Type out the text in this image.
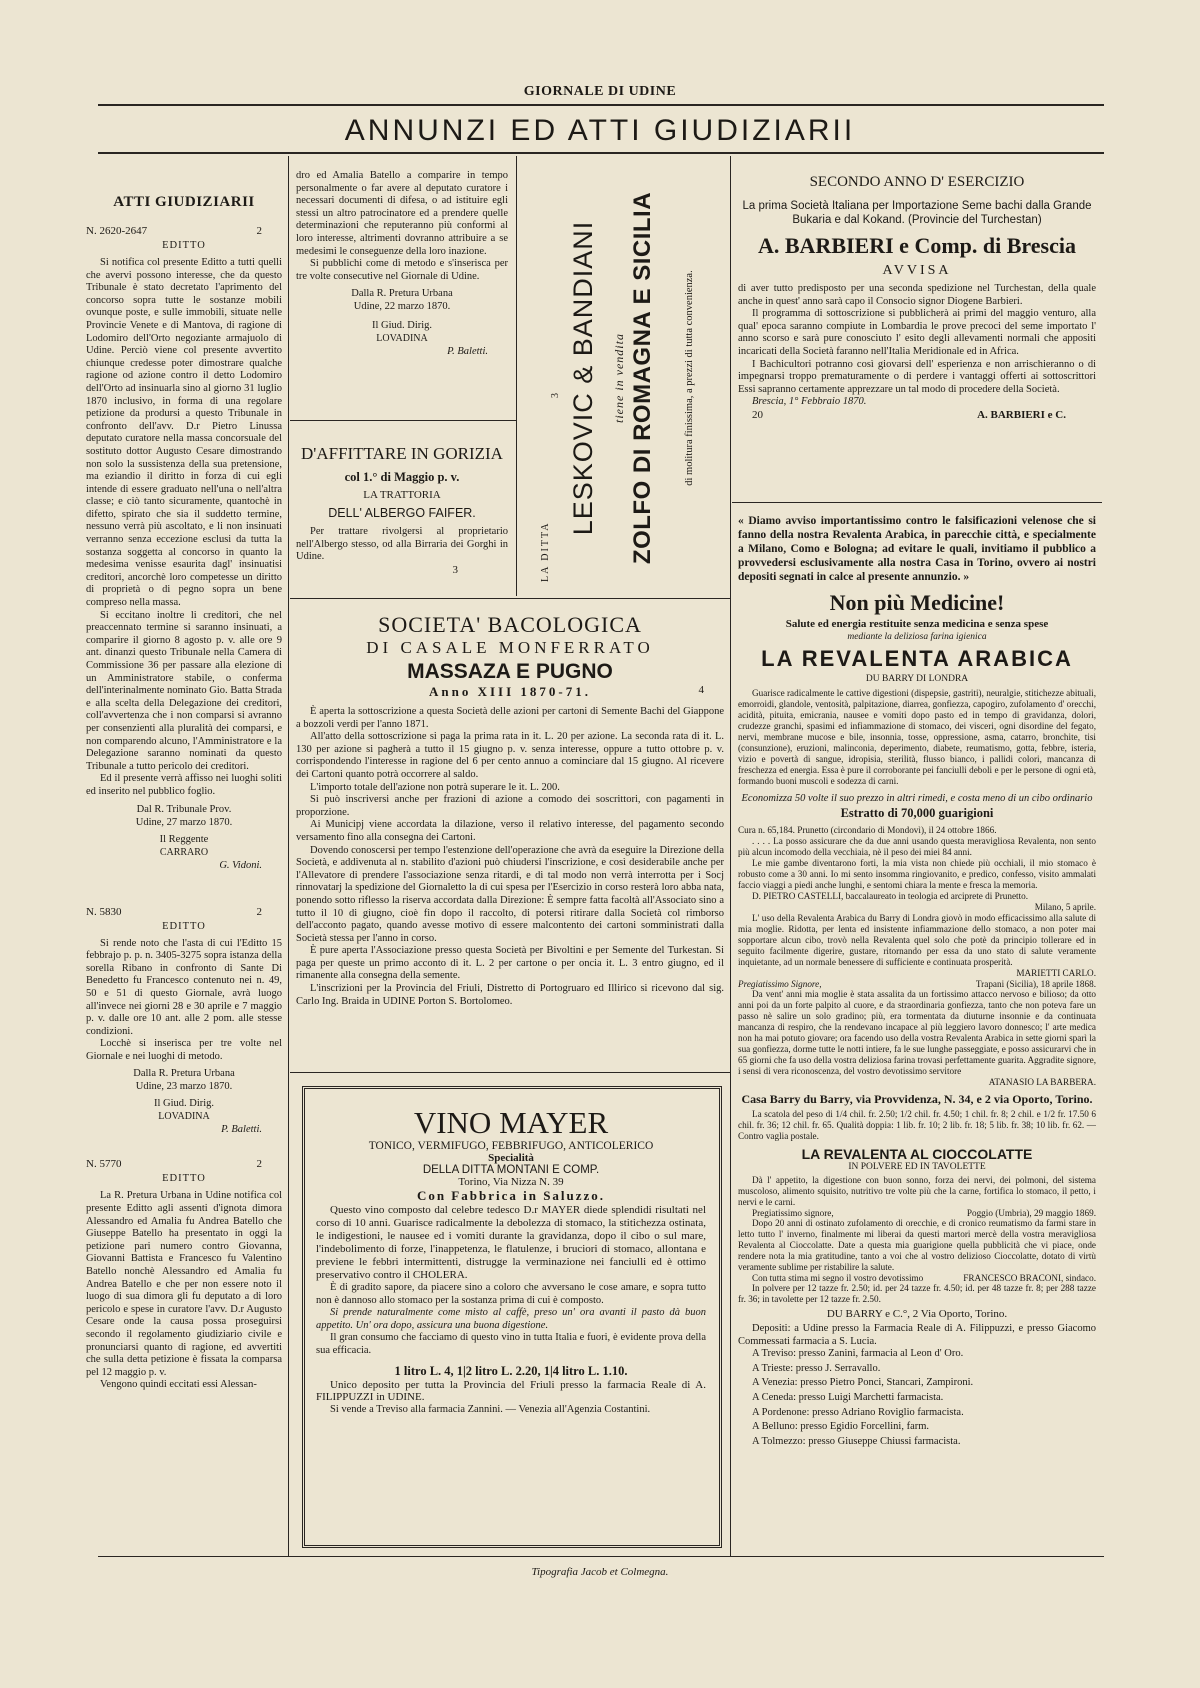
GIORNALE DI UDINE
ANNUNZI ED ATTI GIUDIZIARII
ATTI GIUDIZIARII
N. 2620-2647	2
EDITTO

Si notifica col presente Editto a tutti quelli che avervi possono interesse, che da questo Tribunale è stato decretato l'aprimento del concorso sopra tutte le sostanze mobili ovunque poste, e sulle immobili, situate nelle Provincie Venete e di Mantova, di ragione di Lodomiro dell'Orto negoziante armajuolo di Udine. Perciò viene col presente avvertito chiunque credesse poter dimostrare qualche ragione od azione contro il detto Lodomiro dell'Orto ad insinuarla sino al giorno 31 luglio 1870 inclusivo, in forma di una regolare petizione da prodursi a questo Tribunale in confronto dell'avv. D.r Pietro Linussa deputato curatore nella massa concorsuale del sostituto dottor Augusto Cesare dimostrando non solo la sussistenza della sua pretensione, ma eziandio il diritto in forza di cui egli intende di essere graduato nell'una o nell'altra classe; e ciò tanto sicuramente, quantochè in difetto, spirato che sia il suddetto termine, nessuno verrà più ascoltato, e li non insinuati verranno senza eccezione esclusi da tutta la sostanza soggetta al concorso in quanto la medesima venisse esaurita dagl' insinuatisi creditori, ancorchè loro competesse un diritto di proprietà o di pegno sopra un bene compreso nella massa.

Si eccitano inoltre li creditori, che nel preaccennato termine si saranno insinuati, a comparire il giorno 8 agosto p. v. alle ore 9 ant. dinanzi questo Tribunale nella Camera di Commissione 36 per passare alla elezione di un Amministratore stabile, o conferma dell'interinalmente nominato Gio. Batta Strada e alla scelta della Delegazione dei creditori, coll'avvertenza che i non comparsi si avranno per consenzienti alla pluralità dei comparsi, e non comparendo alcuno, l'Amministratore e la Delegazione saranno nominati da questo Tribunale a tutto pericolo dei creditori.

Ed il presente verrà affisso nei luoghi soliti ed inserito nel pubblico foglio.

Dal R. Tribunale Prov.
Udine, 27 marzo 1870.
Il Reggente
CARRARO
G. Vidoni.
N. 5830	2
EDITTO

Si rende noto che l'asta di cui l'Editto 15 febbrajo p. p. n. 3405-3275 sopra istanza della sorella Ribano in confronto di Sante Di Benedetto fu Francesco contenuto nei n. 49, 50 e 51 di questo Giornale, avrà luogo all'invece nei giorni 28 e 30 aprile e 7 maggio p. v. dalle ore 10 ant. alle 2 pom. alle stesse condizioni.

Locchè si inserisca per tre volte nel Giornale e nei luoghi di metodo.

Dalla R. Pretura Urbana
Udine, 23 marzo 1870.
Il Giud. Dirig.
LOVADINA
P. Baletti.
N. 5770	2
EDITTO

La R. Pretura Urbana in Udine notifica col presente Editto agli assenti d'ignota dimora Alessandro ed Amalia fu Andrea Batello che Giuseppe Batello ha presentato in oggi la petizione pari numero contro Giovanna, Giovanni Battista e Francesco fu Valentino Batello nonchè Alessandro ed Amalia fu Andrea Batello e che per non essere noto il luogo di sua dimora gli fu deputato a di loro pericolo e spese in curatore l'avv. D.r Augusto Cesare onde la causa possa proseguirsi secondo il regolamento giudiziario civile e pronunciarsi quanto di ragione, ed avvertiti che sulla detta petizione è fissata la comparsa pel 12 maggio p. v.

Vengono quindi eccitati essi Alessan-

dro ed Amalia Batello a comparire in tempo personalmente o far avere al deputato curatore i necessari documenti di difesa, o ad istituire egli stessi un altro patrocinatore ed a prendere quelle determinazioni che reputeranno più conformi al loro interesse, altrimenti dovranno attribuire a se medesimi le conseguenze della loro inazione.

Si pubblichi come di metodo e s'inserisca per tre volte consecutive nel Giornale di Udine.

Dalla R. Pretura Urbana
Udine, 22 marzo 1870.
Il Giud. Dirig.
LOVADINA
P. Baletti.
D'AFFITTARE IN GORIZIA
col 1.° di Maggio p. v.
LA TRATTORIA
DELL' ALBERGO FAIFER.

Per trattare rivolgersi al proprietario nell'Albergo stesso, od alla Birraria dei Gorghi in Udine.

3	LA DITTA
3 LESKOVIC & BANDIANI	tiene in vendita ZOLFO DI ROMAGNA E SICILIA	di molitura finissima, a prezzi di tutta convenienza.
SOCIETA' BACOLOGICA
DI CASALE MONFERRATO
MASSAZA E PUGNO
Anno XIII 1870-71.	4

È aperta la sottoscrizione a questa Società delle azioni per cartoni di Semente Bachi del Giappone a bozzoli verdi per l'anno 1871.

All'atto della sottoscrizione si paga la prima rata in it. L. 20 per azione. La seconda rata di it. L. 130 per azione si pagherà a tutto il 15 giugno p. v. senza interesse, oppure a tutto ottobre p. v. corrispondendo l'interesse in ragione del 6 per cento annuo a cominciare dal 15 giugno. Al ricevere dei Cartoni quanto potrà occorrere al saldo.

L'importo totale dell'azione non potrà superare le it. L. 200.

Si può inscriversi anche per frazioni di azione a comodo dei soscrittori, con pagamenti in proporzione.

Ai Municipj viene accordata la dilazione, verso il relativo interesse, del pagamento secondo versamento fino alla consegna dei Cartoni.

Dovendo conoscersi per tempo l'estenzione dell'operazione che avrà da eseguire la Direzione della Società, e addivenuta al n. stabilito d'azioni può chiudersi l'inscrizione, e così desiderabile anche per l'Allevatore di prendere l'associazione senza ritardi, e di tal modo non verrà interrotta per i Socj rinnovatarj la spedizione del Giornaletto la di cui spesa per l'Esercizio in corso resterà loro abba nata, ponendo sotto riflesso la riserva accordata dalla Direzione: È sempre fatta facoltà all'Associato sino a tutto il 10 di giugno, cioè fin dopo il raccolto, di potersi ritirare dalla Società col rimborso dell'acconto pagato, quando avesse motivo di essere malcontento dei cartoni somministrati dalla Società stessa per l'anno in corso.

È pure aperta l'Associazione presso questa Società per Bivoltini e per Semente del Turkestan. Si paga per queste un primo acconto di it. L. 2 per cartone o per oncia it. L. 3 entro giugno, ed il rimanente alla consegna della semente.

L'inscrizioni per la Provincia del Friuli, Distretto di Portogruaro ed Illirico si ricevono dal sig. Carlo Ing. Braida in UDINE Porton S. Bortolomeo.

VINO MAYER
TONICO, VERMIFUGO, FEBBRIFUGO, ANTICOLERICO
Specialità
DELLA DITTA MONTANI E COMP.
Torino, Via Nizza N. 39
Con Fabbrica in Saluzzo.

Questo vino composto dal celebre tedesco D.r MAYER diede splendidi risultati nel corso di 10 anni. Guarisce radicalmente la debolezza di stomaco, la stitichezza ostinata, le indigestioni, le nausee ed i vomiti durante la gravidanza, dopo il cibo o sul mare, l'indebolimento di forze, l'inappetenza, le flatulenze, i bruciori di stomaco, allontana e previene le febbri intermittenti, distrugge la verminazione nei fanciulli ed è ottimo preservativo contro il CHOLERA.

È di gradito sapore, da piacere sino a coloro che avversano le cose amare, e sopra tutto non è dannoso allo stomaco per la sostanza prima di cui è composto.

Si prende naturalmente come misto al caffè, preso un' ora avanti il pasto dà buon appetito. Un' ora dopo, assicura una buona digestione.

Il gran consumo che facciamo di questo vino in tutta Italia e fuori, è evidente prova della sua efficacia.

1 litro L. 4, 1|2 litro L. 2.20, 1|4 litro L. 1.10.

Unico deposito per tutta la Provincia del Friuli presso la farmacia Reale di A. FILIPPUZZI in UDINE.

Si vende a Treviso alla farmacia Zannini. — Venezia all'Agenzia Costantini.

SECONDO ANNO D' ESERCIZIO

La prima Società Italiana per Importazione Seme bachi dalla Grande Bukaria e dal Kokand. (Provincie del Turchestan)

A. BARBIERI e Comp. di Brescia
AVVISA

di aver tutto predisposto per una seconda spedizione nel Turchestan, della quale anche in quest' anno sarà capo il Consocio signor Diogene Barbieri.

Il programma di sottoscrizione si pubblicherà ai primi del maggio venturo, alla qual' epoca saranno compiute in Lombardia le prove precoci del seme importato l' anno scorso e sarà pure conosciuto l' esito degli allevamenti normali che appositi incaricati della Società faranno nell'Italia Meridionale ed in Africa.

I Bachicultori potranno così giovarsi dell' esperienza e non arrischieranno o di impegnarsi troppo prematuramente o di perdere i vantaggi offerti ai sottoscrittori Essi sapranno certamente apprezzare un tal modo di procedere della Società.

Brescia, 1° Febbraio 1870.
20	A. BARBIERI e C.

« Diamo avviso importantissimo contro le falsificazioni velenose che si fanno della nostra Revalenta Arabica, in parecchie città, e specialmente a Milano, Como e Bologna; ad evitare le quali, invitiamo il pubblico a provvedersi esclusivamente alla nostra Casa in Torino, ovvero ai nostri depositi segnati in calce al presente annunzio. »

Non più Medicine!
Salute ed energia restituite senza medicina e senza spese
mediante la deliziosa farina igienica
LA REVALENTA ARABICA
DU BARRY DI LONDRA

Guarisce radicalmente le cattive digestioni (dispepsie, gastriti), neuralgie, stitichezze abituali, emorroidi, glandole, ventosità, palpitazione, diarrea, gonfiezza, capogiro, zufolamento d' orecchi, acidità, pituita, emicrania, nausee e vomiti dopo pasto ed in tempo di gravidanza, dolori, crudezze granchi, spasimi ed infiammazione di stomaco, dei visceri, ogni disordine del fegato, nervi, membrane mucose e bile, insonnia, tosse, oppressione, asma, catarro, bronchite, tisi (consunzione), eruzioni, malinconia, deperimento, diabete, reumatismo, gotta, febbre, isteria, vizio e povertà di sangue, idropisia, sterilità, flusso bianco, i pallidi colori, mancanza di freschezza ed energia. Essa è pure il corroborante pei fanciulli deboli e per le persone di ogni età, formando buoni muscoli e sodezza di carni.

Economizza 50 volte il suo prezzo in altri rimedi, e costa meno di un cibo ordinario
Estratto di 70,000 guarigioni
Cura n. 65,184. Prunetto (circondario di Mondovì), il 24 ottobre 1866.

. . . . La posso assicurare che da due anni usando questa meravigliosa Revalenta, non sento più alcun incomodo della vecchiaia, nè il peso dei miei 84 anni.

Le mie gambe diventarono forti, la mia vista non chiede più occhiali, il mio stomaco è robusto come a 30 anni. Io mi sento insomma ringiovanito, e predico, confesso, visito ammalati faccio viaggi a piedi anche lunghi, e sentomi chiara la mente e fresca la memoria.

D. PIETRO CASTELLI, baccalaureato in teologia ed arciprete di Prunetto.

Milano, 5 aprile.

L' uso della Revalenta Arabica du Barry di Londra giovò in modo efficacissimo alla salute di mia moglie. Ridotta, per lenta ed insistente infiammazione dello stomaco, a non poter mai sopportare alcun cibo, trovò nella Revalenta quel solo che potè da principio tollerare ed in seguito facilmente digerire, gustare, ritornando per essa da uno stato di salute veramente inquietante, ad un normale benessere di sufficiente e continuata prosperità.

MARIETTI CARLO.
Pregiatissimo Signore,	Trapani (Sicilia), 18 aprile 1868.

Da vent' anni mia moglie è stata assalita da un fortissimo attacco nervoso e bilioso; da otto anni poi da un forte palpito al cuore, e da straordinaria gonfiezza, tanto che non poteva fare un passo nè salire un solo gradino; più, era tormentata da diuturne insonnie e da continuata mancanza di respiro, che la rendevano incapace al più leggiero lavoro donnesco; l' arte medica non ha mai potuto giovare; ora facendo uso della vostra Revalenta Arabica in sette giorni sparì la sua gonfiezza, dorme tutte le notti intiere, fa le sue lunghe passeggiate, e posso assicurarvi che in 65 giorni che fa uso della vostra deliziosa farina trovasi perfettamente guarita. Aggradite signore, i sensi di vera riconoscenza, del vostro devotissimo servitore

ATANASIO LA BARBERA.
Casa Barry du Barry, via Provvidenza, N. 34, e 2 via Oporto, Torino.

La scatola del peso di 1/4 chil. fr. 2.50; 1/2 chil. fr. 4.50; 1 chil. fr. 8; 2 chil. e 1/2 fr. 17.50 6 chil. fr. 36; 12 chil. fr. 65. Qualità doppia: 1 lib. fr. 10; 2 lib. fr. 18; 5 lib. fr. 38; 10 lib. fr. 62. — Contro vaglia postale.

LA REVALENTA AL CIOCCOLATTE
IN POLVERE ED IN TAVOLETTE

Dà l' appetito, la digestione con buon sonno, forza dei nervi, dei polmoni, del sistema muscoloso, alimento squisito, nutritivo tre volte più che la carne, fortifica lo stomaco, il petto, i nervi e le carni.

Pregiatissimo signore,	Poggio (Umbria), 29 maggio 1869.

Dopo 20 anni di ostinato zufolamento di orecchie, e di cronico reumatismo da farmi stare in letto tutto l' inverno, finalmente mi liberai da questi martori mercè della vostra meravigliosa Revalenta al Cioccolatte. Date a questa mia guarigione quella pubblicità che vi piace, onde rendere nota la mia gratitudine, tanto a voi che al vostro delizioso Cioccolatte, dotato di virtù veramente sublime per ristabilire la salute.

Con tutta stima mi segno il vostro devotissimo	FRANCESCO BRACONI, sindaco.

In polvere per 12 tazze fr. 2.50; id. per 24 tazze fr. 4.50; id. per 48 tazze fr. 8; per 288 tazze fr. 36; in tavolette per 12 tazze fr. 2.50.

DU BARRY e C.°, 2 Via Oporto, Torino.

Depositi: a Udine presso la Farmacia Reale di A. Filippuzzi, e presso Giacomo Commessati farmacia a S. Lucia.

A Treviso: presso Zanini, farmacia al Leon d' Oro.

A Trieste: presso J. Serravallo.

A Venezia: presso Pietro Ponci, Stancari, Zampironi.

A Ceneda: presso Luigi Marchetti farmacista.

A Pordenone: presso Adriano Roviglio farmacista.

A Belluno: presso Egidio Forcellini, farm.

A Tolmezzo: presso Giuseppe Chiussi farmacista.

Tipografia Jacob et Colmegna.
